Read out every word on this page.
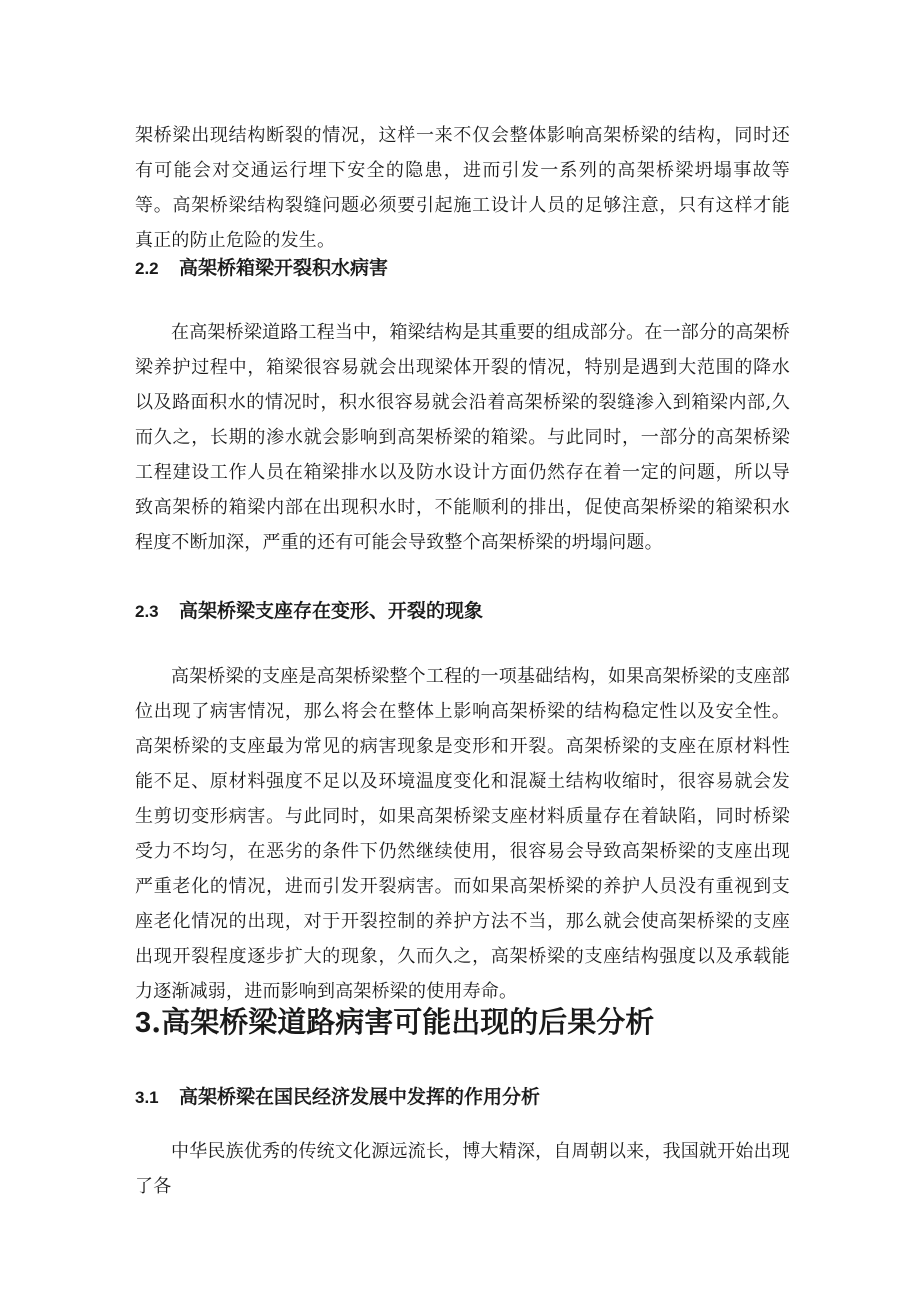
架桥梁出现结构断裂的情况，这样一来不仅会整体影响高架桥梁的结构，同时还有可能会对交通运行埋下安全的隐患，进而引发一系列的高架桥梁坍塌事故等等。高架桥梁结构裂缝问题必须要引起施工设计人员的足够注意，只有这样才能真正的防止危险的发生。

2.2 高架桥箱梁开裂积水病害

在高架桥梁道路工程当中，箱梁结构是其重要的组成部分。在一部分的高架桥梁养护过程中，箱梁很容易就会出现梁体开裂的情况，特别是遇到大范围的降水以及路面积水的情况时，积水很容易就会沿着高架桥梁的裂缝渗入到箱梁内部,久而久之，长期的渗水就会影响到高架桥梁的箱梁。与此同时，一部分的高架桥梁工程建设工作人员在箱梁排水以及防水设计方面仍然存在着一定的问题，所以导致高架桥的箱梁内部在出现积水时，不能顺利的排出，促使高架桥梁的箱梁积水程度不断加深，严重的还有可能会导致整个高架桥梁的坍塌问题。

2.3 高架桥梁支座存在变形、开裂的现象

高架桥梁的支座是高架桥梁整个工程的一项基础结构，如果高架桥梁的支座部位出现了病害情况，那么将会在整体上影响高架桥梁的结构稳定性以及安全性。高架桥梁的支座最为常见的病害现象是变形和开裂。高架桥梁的支座在原材料性能不足、原材料强度不足以及环境温度变化和混凝土结构收缩时，很容易就会发生剪切变形病害。与此同时，如果高架桥梁支座材料质量存在着缺陷，同时桥梁受力不均匀，在恶劣的条件下仍然继续使用，很容易会导致高架桥梁的支座出现严重老化的情况，进而引发开裂病害。而如果高架桥梁的养护人员没有重视到支座老化情况的出现，对于开裂控制的养护方法不当，那么就会使高架桥梁的支座出现开裂程度逐步扩大的现象，久而久之，高架桥梁的支座结构强度以及承载能力逐渐减弱，进而影响到高架桥梁的使用寿命。

3.高架桥梁道路病害可能出现的后果分析
3.1 高架桥梁在国民经济发展中发挥的作用分析

中华民族优秀的传统文化源远流长，博大精深，自周朝以来，我国就开始出现了各
